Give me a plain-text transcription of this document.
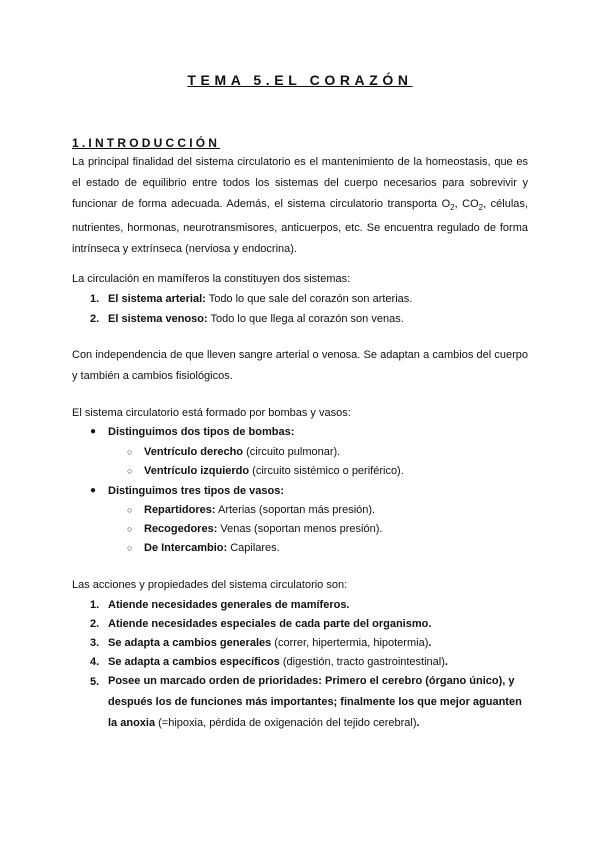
TEMA 5.EL CORAZÓN
1.INTRODUCCIÓN

La principal finalidad del sistema circulatorio es el mantenimiento de la homeostasis, que es el estado de equilibrio entre todos los sistemas del cuerpo necesarios para sobrevivir y funcionar de forma adecuada. Además, el sistema circulatorio transporta $O_2$, $CO_2$, células, nutrientes, hormonas, neurotransmisores, anticuerpos, etc. Se encuentra regulado de forma intrínseca y extrínseca (nerviosa y endocrina).

La circulación en mamíferos la constituyen dos sistemas:
1. El sistema arterial: Todo lo que sale del corazón son arterias.
2. El sistema venoso: Todo lo que llega al corazón son venas.

Con independencia de que lleven sangre arterial o venosa. Se adaptan a cambios del cuerpo y también a cambios fisiológicos.

El sistema circulatorio está formado por bombas y vasos:
● Distinguimos dos tipos de bombas:
○ Ventrículo derecho (circuito pulmonar).
○ Ventrículo izquierdo (circuito sistémico o periférico).
● Distinguimos tres tipos de vasos:
○ Repartidores: Arterias (soportan más presión).
○ Recogedores: Venas (soportan menos presión).
○ De Intercambio: Capilares.
Las acciones y propiedades del sistema circulatorio son:
1. Atiende necesidades generales de mamíferos.
2. Atiende necesidades especiales de cada parte del organismo.
3. Se adapta a cambios generales (correr, hipertermia, hipotermia).
4. Se adapta a cambios específicos (digestión, tracto gastrointestinal).
5. Posee un marcado orden de prioridades: Primero el cerebro (órgano único), y después los de funciones más importantes; finalmente los que mejor aguanten la anoxia (=hipoxia, pérdida de oxigenación del tejido cerebral).
